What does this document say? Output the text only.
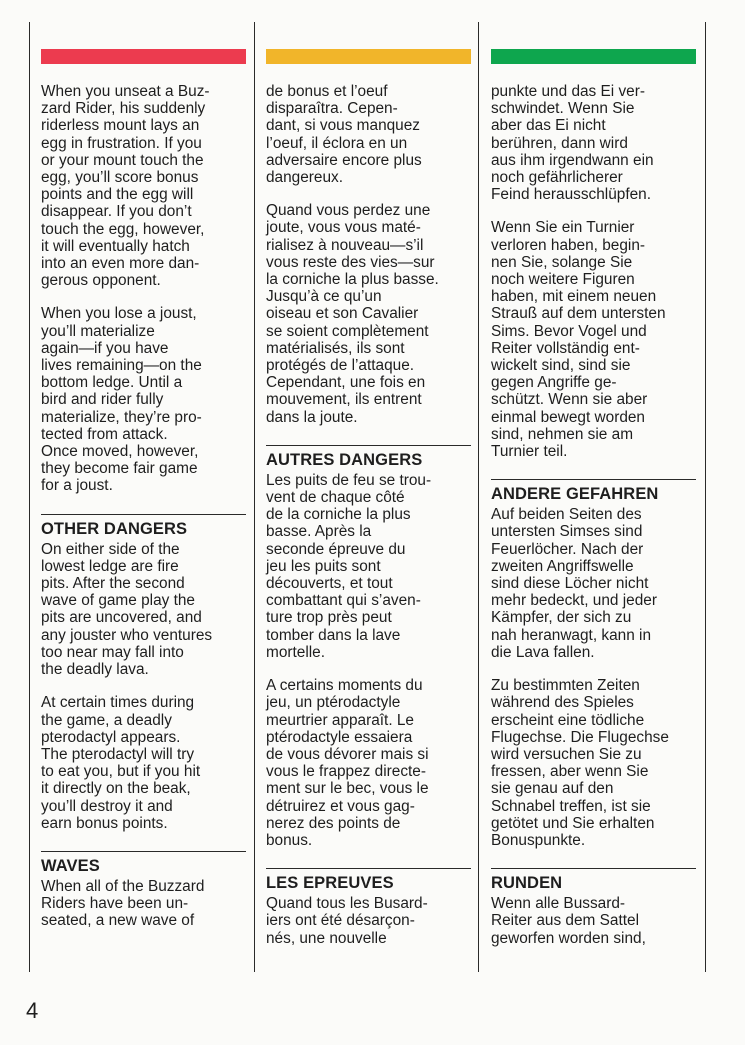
When you unseat a Buz-
zard Rider, his suddenly
riderless mount lays an
egg in frustration. If you
or your mount touch the
egg, you’ll score bonus
points and the egg will
disappear. If you don’t
touch the egg, however,
it will eventually hatch
into an even more dan-
gerous opponent.

When you lose a joust,
you’ll materialize
again—if you have
lives remaining—on the
bottom ledge. Until a
bird and rider fully
materialize, they’re pro-
tected from attack.
Once moved, however,
they become fair game
for a joust.

OTHER DANGERS

On either side of the
lowest ledge are fire
pits. After the second
wave of game play the
pits are uncovered, and
any jouster who ventures
too near may fall into
the deadly lava.

At certain times during
the game, a deadly
pterodactyl appears.
The pterodactyl will try
to eat you, but if you hit
it directly on the beak,
you’ll destroy it and
earn bonus points.

WAVES

When all of the Buzzard
Riders have been un-
seated, a new wave of

de bonus et l’oeuf
disparaîtra. Cepen-
dant, si vous manquez
l’oeuf, il éclora en un
adversaire encore plus
dangereux.

Quand vous perdez une
joute, vous vous maté-
rialisez à nouveau—s’il
vous reste des vies—sur
la corniche la plus basse.
Jusqu’à ce qu’un
oiseau et son Cavalier
se soient complètement
matérialisés, ils sont
protégés de l’attaque.
Cependant, une fois en
mouvement, ils entrent
dans la joute.

AUTRES DANGERS

Les puits de feu se trou-
vent de chaque côté
de la corniche la plus
basse. Après la
seconde épreuve du
jeu les puits sont
découverts, et tout
combattant qui s’aven-
ture trop près peut
tomber dans la lave
mortelle.

A certains moments du
jeu, un ptérodactyle
meurtrier apparaît. Le
ptérodactyle essaiera
de vous dévorer mais si
vous le frappez directe-
ment sur le bec, vous le
détruirez et vous gag-
nerez des points de
bonus.

LES EPREUVES

Quand tous les Busard-
iers ont été désarçon-
nés, une nouvelle

punkte und das Ei ver-
schwindet. Wenn Sie
aber das Ei nicht
berühren, dann wird
aus ihm irgendwann ein
noch gefährlicherer
Feind herausschlüpfen.

Wenn Sie ein Turnier
verloren haben, begin-
nen Sie, solange Sie
noch weitere Figuren
haben, mit einem neuen
Strauß auf dem untersten
Sims. Bevor Vogel und
Reiter vollständig ent-
wickelt sind, sind sie
gegen Angriffe ge-
schützt. Wenn sie aber
einmal bewegt worden
sind, nehmen sie am
Turnier teil.

ANDERE GEFAHREN

Auf beiden Seiten des
untersten Simses sind
Feuerlöcher. Nach der
zweiten Angriffswelle
sind diese Löcher nicht
mehr bedeckt, und jeder
Kämpfer, der sich zu
nah heranwagt, kann in
die Lava fallen.

Zu bestimmten Zeiten
während des Spieles
erscheint eine tödliche
Flugechse. Die Flugechse
wird versuchen Sie zu
fressen, aber wenn Sie
sie genau auf den
Schnabel treffen, ist sie
getötet und Sie erhalten
Bonuspunkte.

RUNDEN

Wenn alle Bussard-
Reiter aus dem Sattel
geworfen worden sind,

4
